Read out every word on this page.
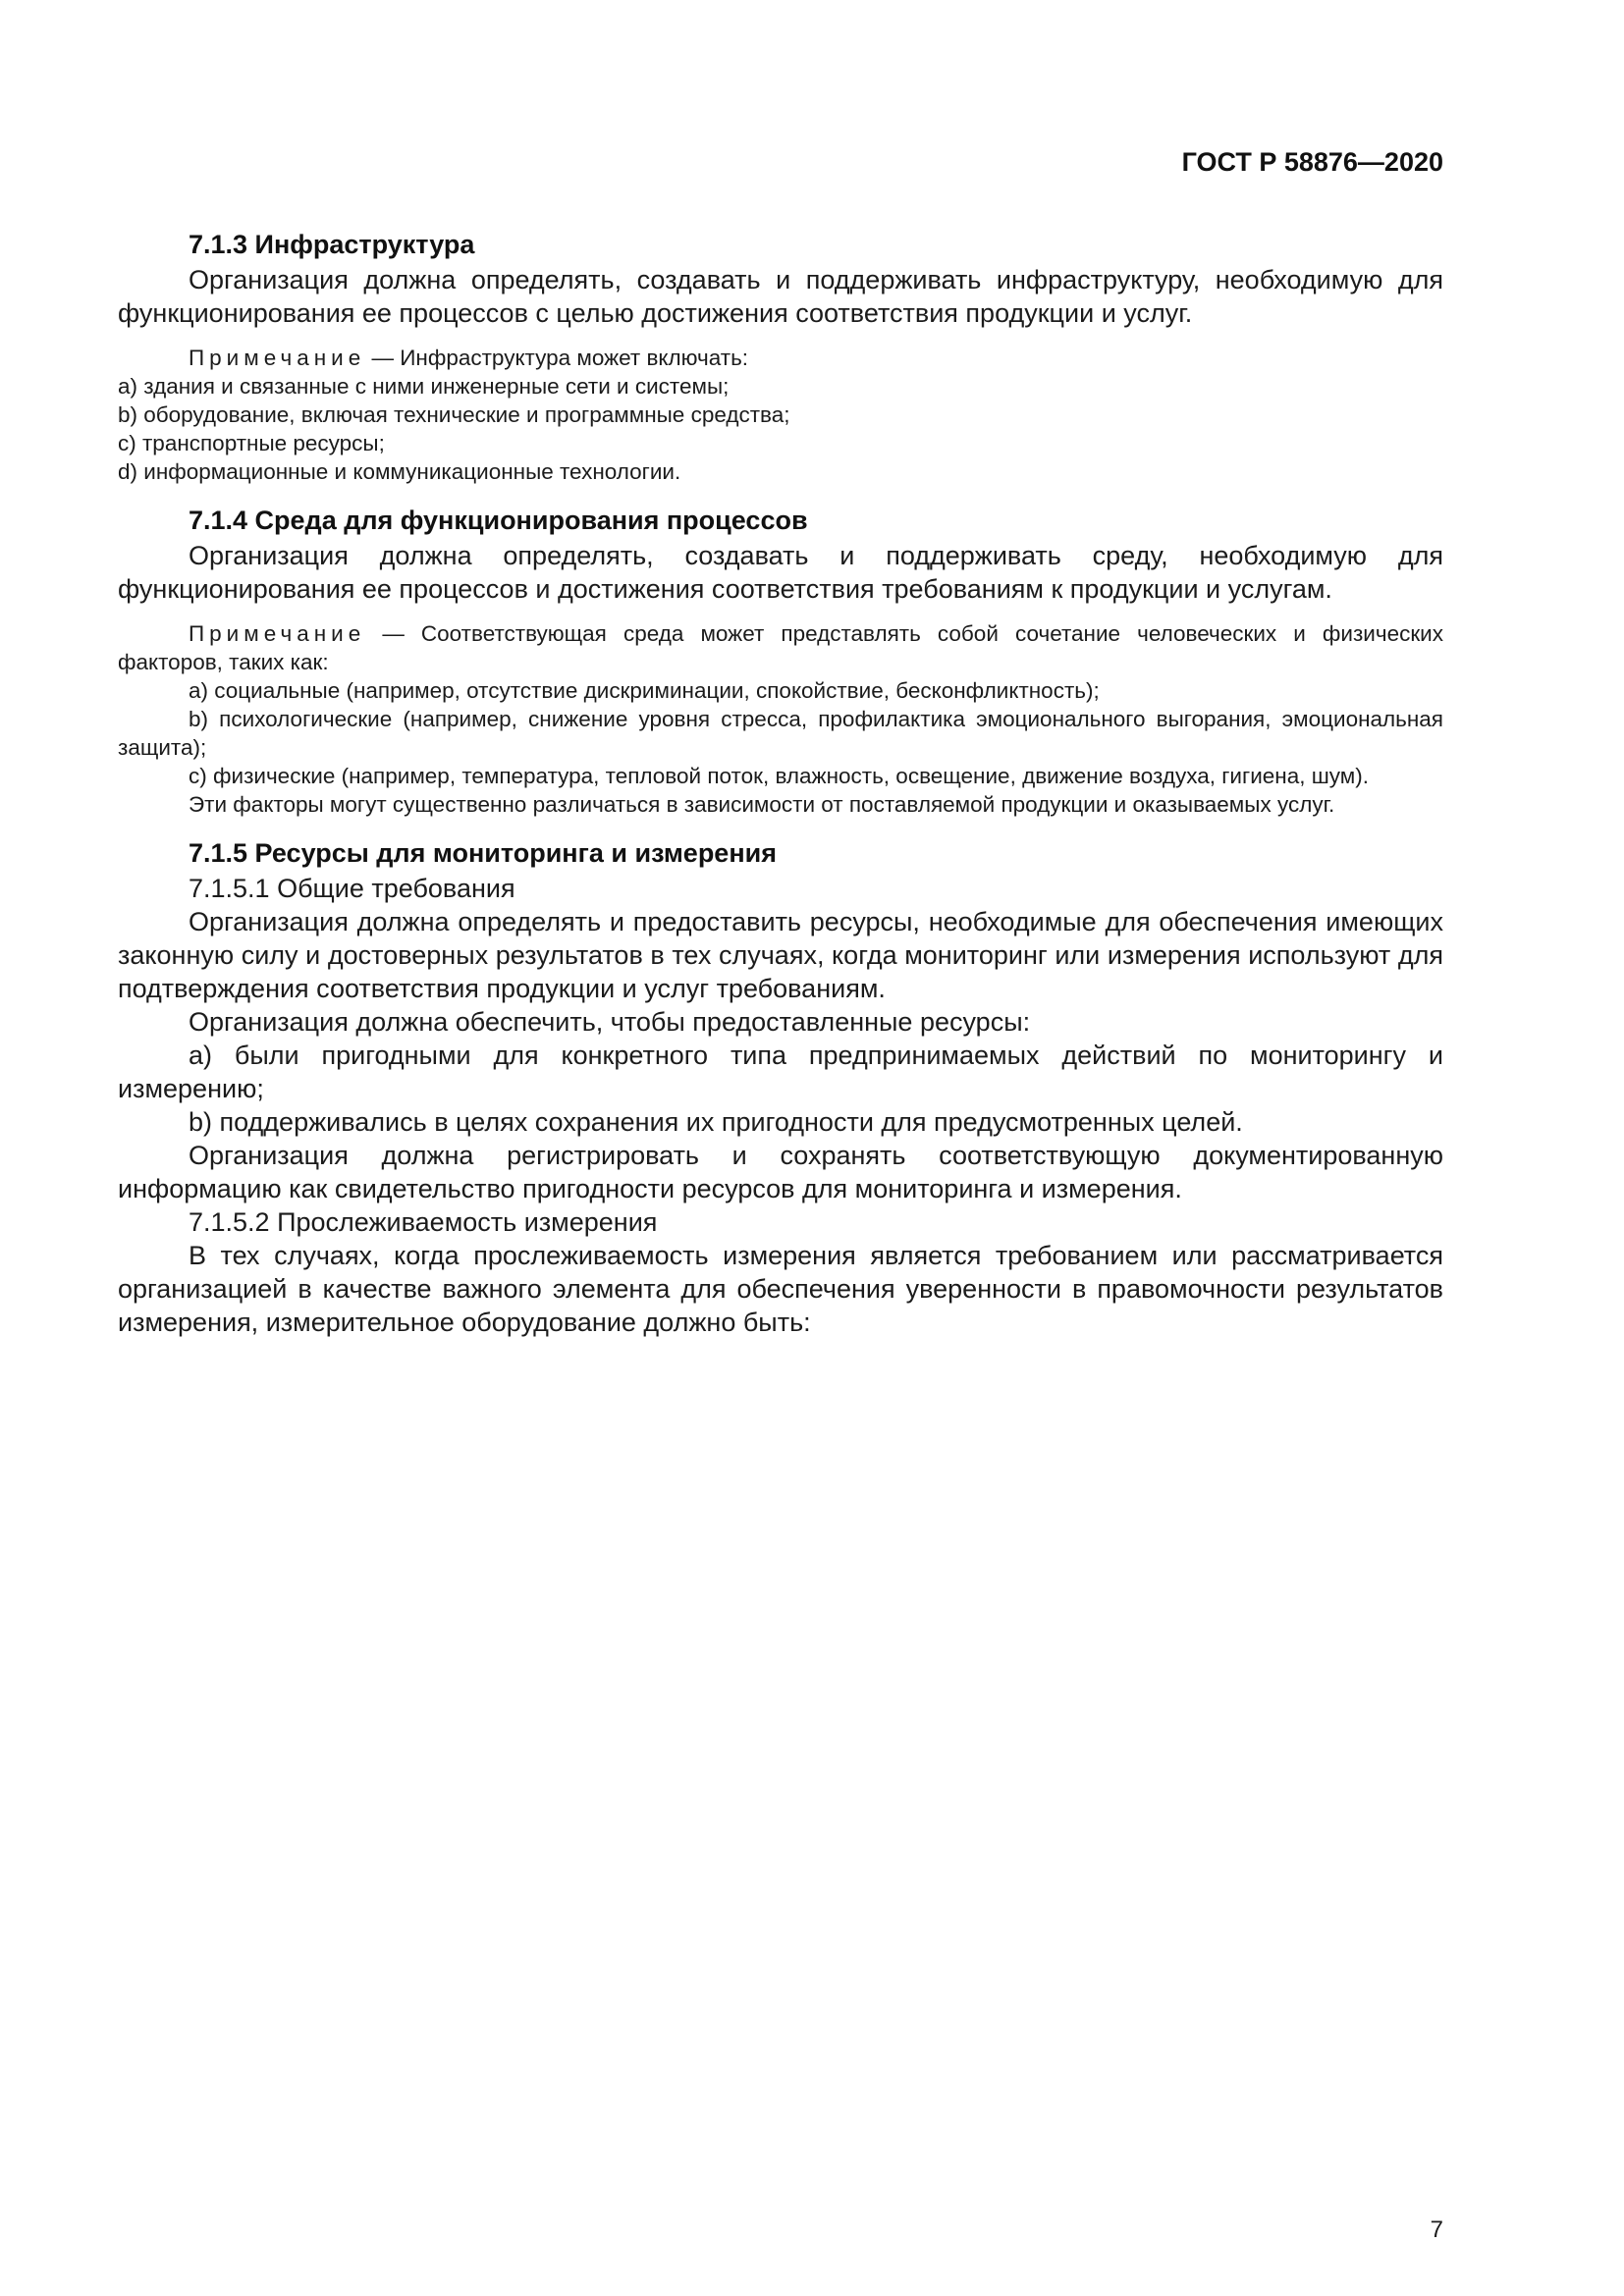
ГОСТ Р 58876—2020

7.1.3 Инфраструктура

Организация должна определять, создавать и поддерживать инфраструктуру, необходимую для функционирования ее процессов с целью достижения соответствия продукции и услуг.

Примечание — Инфраструктура может включать:

a) здания и связанные с ними инженерные сети и системы;

b) оборудование, включая технические и программные средства;

c) транспортные ресурсы;

d) информационные и коммуникационные технологии.

7.1.4 Среда для функционирования процессов

Организация должна определять, создавать и поддерживать среду, необходимую для функционирования ее процессов и достижения соответствия требованиям к продукции и услугам.

Примечание — Соответствующая среда может представлять собой сочетание человеческих и физических факторов, таких как:

a) социальные (например, отсутствие дискриминации, спокойствие, бесконфликтность);

b) психологические (например, снижение уровня стресса, профилактика эмоционального выгорания, эмоциональная защита);

c) физические (например, температура, тепловой поток, влажность, освещение, движение воздуха, гигиена, шум).

Эти факторы могут существенно различаться в зависимости от поставляемой продукции и оказываемых услуг.

7.1.5 Ресурсы для мониторинга и измерения

7.1.5.1 Общие требования

Организация должна определять и предоставить ресурсы, необходимые для обеспечения имеющих законную силу и достоверных результатов в тех случаях, когда мониторинг или измерения используют для подтверждения соответствия продукции и услуг требованиям.

Организация должна обеспечить, чтобы предоставленные ресурсы:

a) были пригодными для конкретного типа предпринимаемых действий по мониторингу и измерению;

b) поддерживались в целях сохранения их пригодности для предусмотренных целей.

Организация должна регистрировать и сохранять соответствующую документированную информацию как свидетельство пригодности ресурсов для мониторинга и измерения.

7.1.5.2 Прослеживаемость измерения

В тех случаях, когда прослеживаемость измерения является требованием или рассматривается организацией в качестве важного элемента для обеспечения уверенности в правомочности результатов измерения, измерительное оборудование должно быть:

7
